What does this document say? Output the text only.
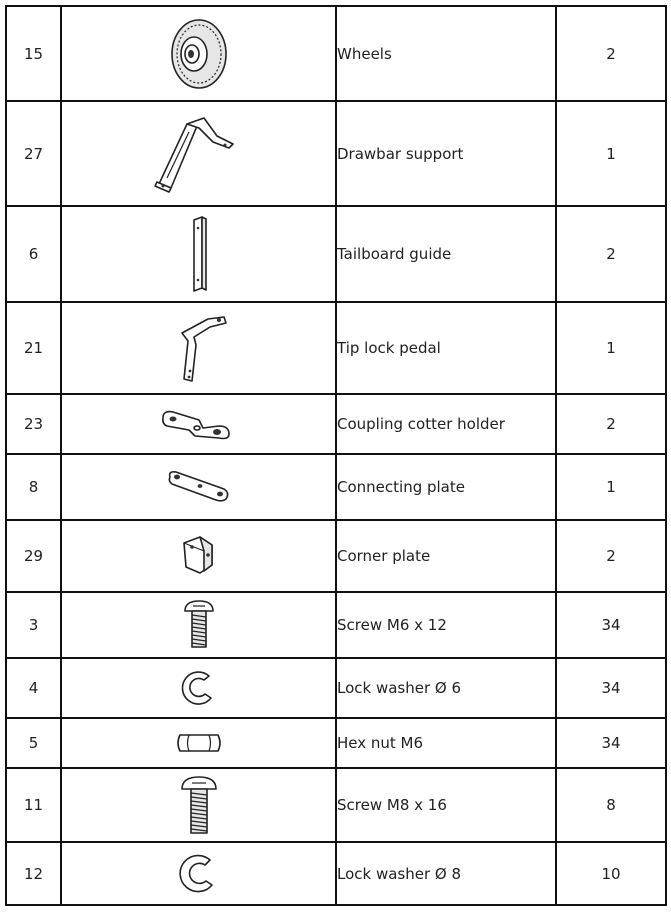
15		Wheels	2
27		Drawbar support	1
6		Tailboard guide	2
21		Tip lock pedal	1
23		Coupling cotter holder	2
8		Connecting plate	1
29		Corner plate	2
3		Screw M6 x 12	34
4		Lock washer Ø 6	34
5		Hex nut M6	34
11		Screw M8 x 16	8
12		Lock washer Ø 8	10
